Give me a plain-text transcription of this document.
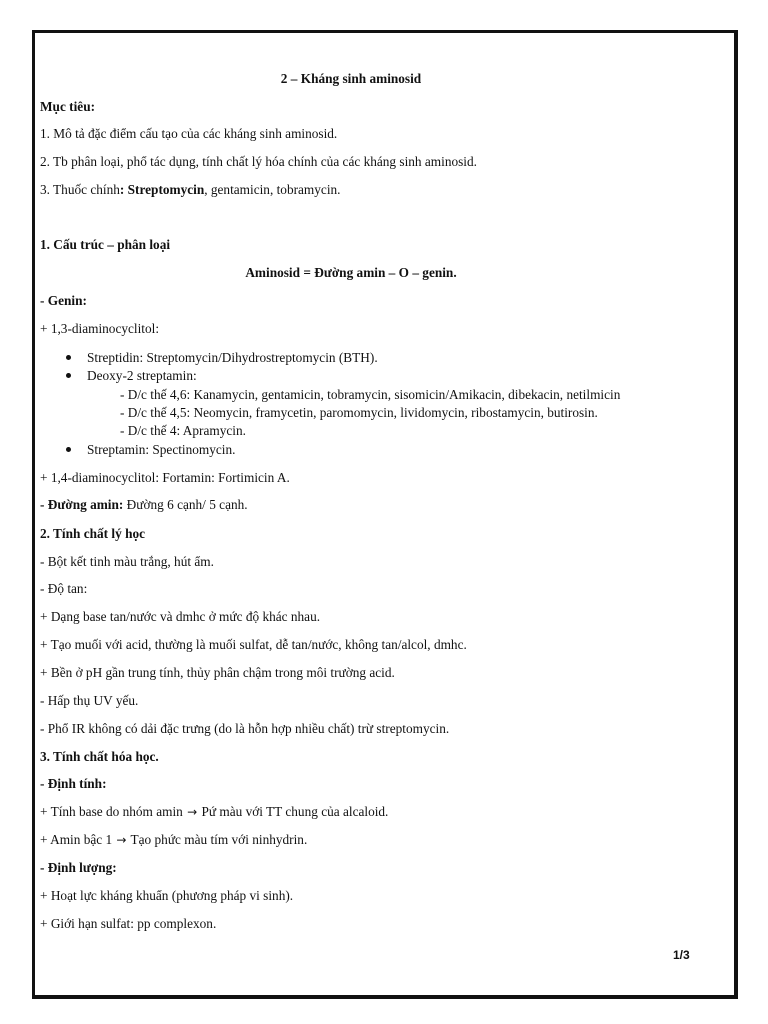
2 – Kháng sinh aminosid
Mục tiêu:
1. Mô tả đặc điểm cấu tạo của các kháng sinh aminosid.
2. Tb phân loại, phổ tác dụng, tính chất lý hóa chính của các kháng sinh aminosid.
3. Thuốc chính: Streptomycin, gentamicin, tobramycin.
1. Cấu trúc – phân loại
Aminosid = Đường amin – O – genin.
- Genin:
+ 1,3-diaminocyclitol:
Streptidin: Streptomycin/Dihydrostreptomycin (BTH).
Deoxy-2 streptamin:
- D/c thế 4,6: Kanamycin, gentamicin, tobramycin, sisomicin/Amikacin, dibekacin, netilmicin
- D/c thế 4,5: Neomycin, framycetin, paromomycin, lividomycin, ribostamycin, butirosin.
- D/c thế 4: Apramycin.
Streptamin: Spectinomycin.
+ 1,4-diaminocyclitol: Fortamin: Fortimicin A.
- Đường amin: Đường 6 cạnh/ 5 cạnh.
2. Tính chất lý học
- Bột kết tinh màu trắng, hút ẩm.
- Độ tan:
+ Dạng base tan/nước và dmhc ở mức độ khác nhau.
+ Tạo muối với acid, thường là muối sulfat, dễ tan/nước, không tan/alcol, dmhc.
+ Bền ở pH gần trung tính, thủy phân chậm trong môi trường acid.
- Hấp thụ UV yếu.
- Phổ IR không có dải đặc trưng (do là hỗn hợp nhiều chất) trừ streptomycin.
3. Tính chất hóa học.
- Định tính:
+ Tính base do nhóm amin → Pứ màu với TT chung của alcaloid.
+ Amin bậc 1 → Tạo phức màu tím với ninhydrin.
- Định lượng:
+ Hoạt lực kháng khuẩn (phương pháp vi sinh).
+ Giới hạn sulfat: pp complexon.
1/3
